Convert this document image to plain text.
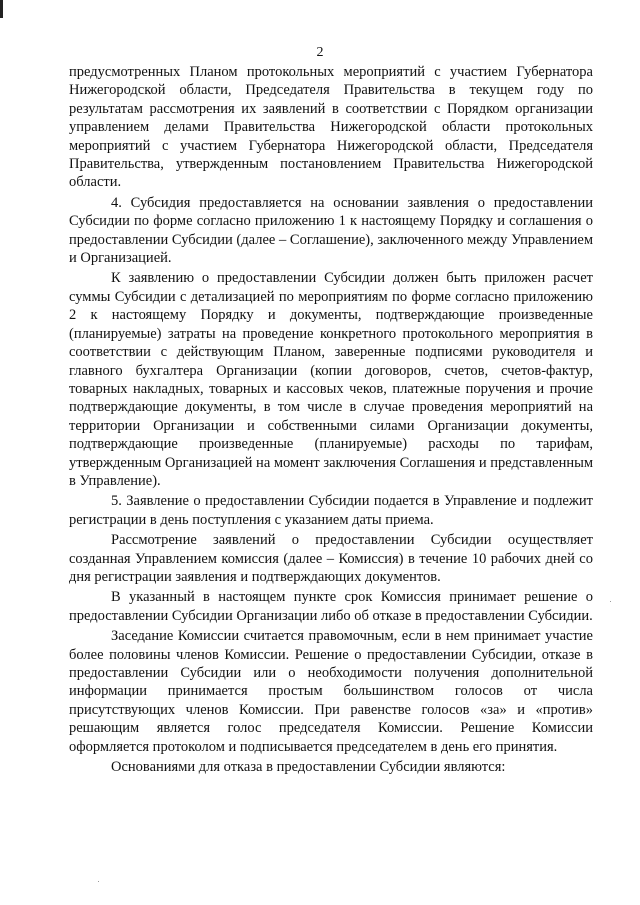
2

предусмотренных Планом протокольных мероприятий с участием Губернатора Нижегородской области, Председателя Правительства в текущем году по результатам рассмотрения их заявлений в соответствии с Порядком организации управлением делами Правительства Нижегородской области протокольных мероприятий с участием Губернатора Нижегородской области, Председателя Правительства, утвержденным постановлением Правительства Нижегородской области.

4. Субсидия предоставляется на основании заявления о предоставлении Субсидии по форме согласно приложению 1 к настоящему Порядку и соглашения о предоставлении Субсидии (далее – Соглашение), заключенного между Управлением и Организацией.

К заявлению о предоставлении Субсидии должен быть приложен расчет суммы Субсидии с детализацией по мероприятиям по форме согласно приложению 2 к настоящему Порядку и документы, подтверждающие произведенные (планируемые) затраты на проведение конкретного протокольного мероприятия в соответствии с действующим Планом, заверенные подписями руководителя и главного бухгалтера Организации (копии договоров, счетов, счетов-фактур, товарных накладных, товарных и кассовых чеков, платежные поручения и прочие подтверждающие документы, в том числе в случае проведения мероприятий на территории Организации и собственными силами Организации документы, подтверждающие произведенные (планируемые) расходы по тарифам, утвержденным Организацией на момент заключения Соглашения и представленным в Управление).

5. Заявление о предоставлении Субсидии подается в Управление и подлежит регистрации в день поступления с указанием даты приема.

Рассмотрение заявлений о предоставлении Субсидии осуществляет созданная Управлением комиссия (далее – Комиссия) в течение 10 рабочих дней со дня регистрации заявления и подтверждающих документов.

В указанный в настоящем пункте срок Комиссия принимает решение о предоставлении Субсидии Организации либо об отказе в предоставлении Субсидии.

Заседание Комиссии считается правомочным, если в нем принимает участие более половины членов Комиссии. Решение о предоставлении Субсидии, отказе в предоставлении Субсидии или о необходимости получения дополнительной информации принимается простым большинством голосов от числа присутствующих членов Комиссии. При равенстве голосов «за» и «против» решающим является голос председателя Комиссии. Решение Комиссии оформляется протоколом и подписывается председателем в день его принятия.

Основаниями для отказа в предоставлении Субсидии являются:
